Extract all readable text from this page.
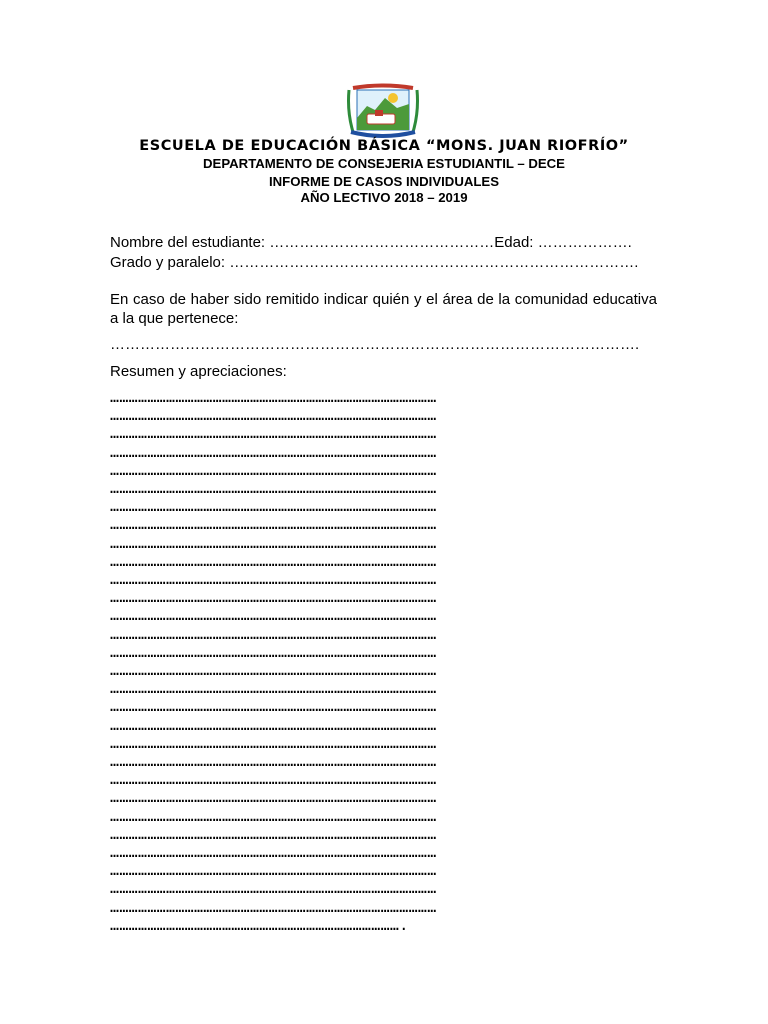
ESCUELA DE EDUCACIÓN BÁSICA “MONS. JUAN RIOFRÍO”
DEPARTAMENTO DE CONSEJERIA ESTUDIANTIL – DECE
INFORME DE CASOS INDIVIDUALES
AÑO LECTIVO 2018 – 2019
Nombre del estudiante: ………………………………………Edad: ……………….
Grado y paralelo: ……………………………………………………………………….
En caso de haber sido remitido indicar quién y el área de la comunidad educativa a la que pertenece:
…………………………………………………………………………………………….
Resumen y apreciaciones:
……………………………………………………………………………………………
……………………………………………………………………………………………
……………………………………………………………………………………………
……………………………………………………………………………………………
……………………………………………………………………………………………
……………………………………………………………………………………………
……………………………………………………………………………………………
……………………………………………………………………………………………
……………………………………………………………………………………………
……………………………………………………………………………………………
……………………………………………………………………………………………
……………………………………………………………………………………………
……………………………………………………………………………………………
……………………………………………………………………………………………
……………………………………………………………………………………………
……………………………………………………………………………………………
……………………………………………………………………………………………
……………………………………………………………………………………………
……………………………………………………………………………………………
……………………………………………………………………………………………
……………………………………………………………………………………………
……………………………………………………………………………………………
……………………………………………………………………………………………
……………………………………………………………………………………………
……………………………………………………………………………………………
……………………………………………………………………………………………
……………………………………………………………………………………………
……………………………………………………………………………………………
……………………………………………………………………………………………
………………………………………………………………………………….
